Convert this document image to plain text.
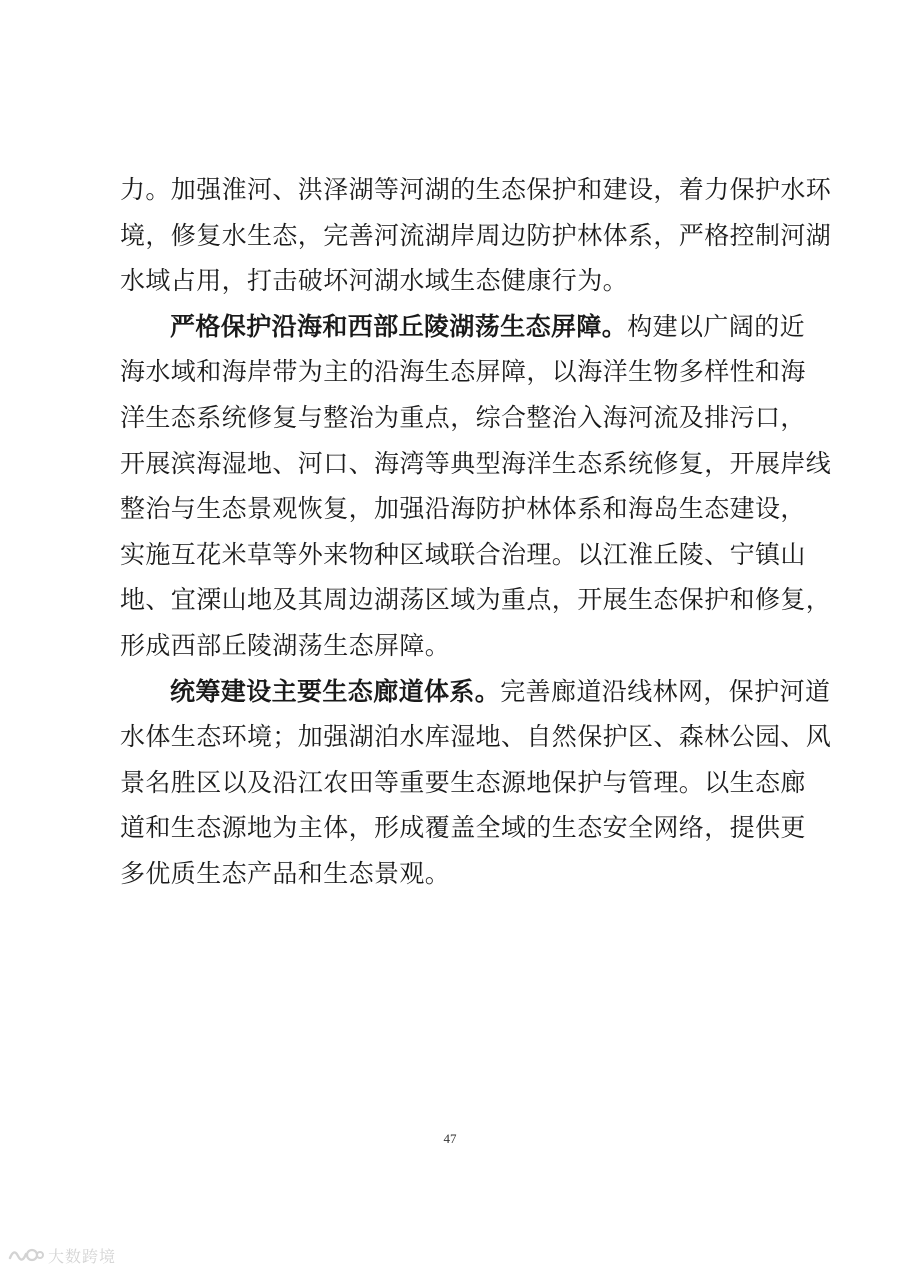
力。加强淮河、洪泽湖等河湖的生态保护和建设，着力保护水环
境，修复水生态，完善河流湖岸周边防护林体系，严格控制河湖
水域占用，打击破坏河湖水域生态健康行为。

严格保护沿海和西部丘陵湖荡生态屏障。构建以广阔的近
海水域和海岸带为主的沿海生态屏障，以海洋生物多样性和海
洋生态系统修复与整治为重点，综合整治入海河流及排污口，
开展滨海湿地、河口、海湾等典型海洋生态系统修复，开展岸线
整治与生态景观恢复，加强沿海防护林体系和海岛生态建设，
实施互花米草等外来物种区域联合治理。以江淮丘陵、宁镇山
地、宜溧山地及其周边湖荡区域为重点，开展生态保护和修复，
形成西部丘陵湖荡生态屏障。

统筹建设主要生态廊道体系。完善廊道沿线林网，保护河道
水体生态环境；加强湖泊水库湿地、自然保护区、森林公园、风
景名胜区以及沿江农田等重要生态源地保护与管理。以生态廊
道和生态源地为主体，形成覆盖全域的生态安全网络，提供更
多优质生态产品和生态景观。

47
大数跨境
